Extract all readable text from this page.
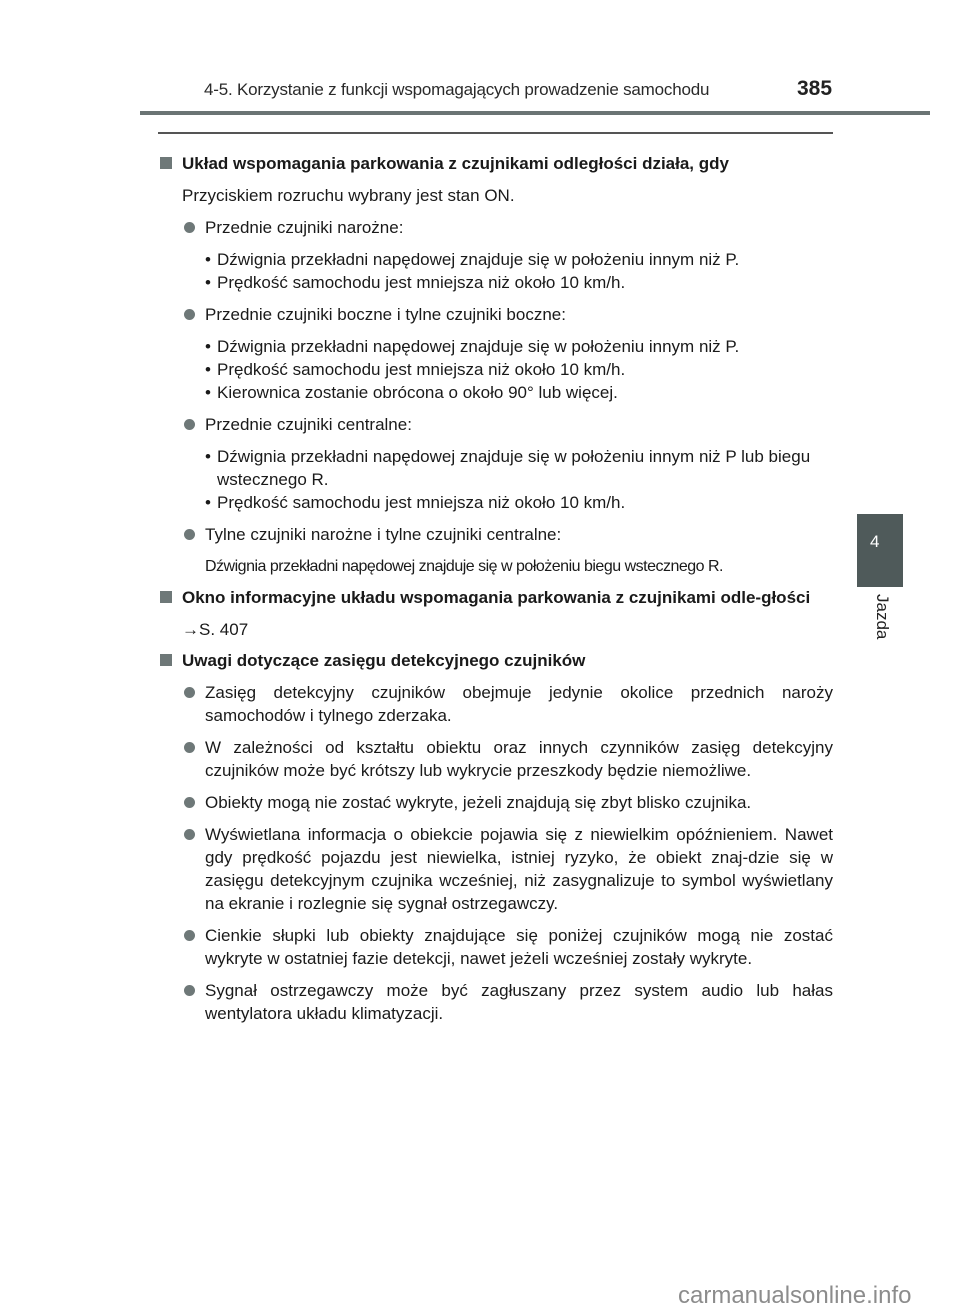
4-5. Korzystanie z funkcji wspomagających prowadzenie samochodu	385
4
Jazda
Układ wspomagania parkowania z czujnikami odległości działa, gdy
Przyciskiem rozruchu wybrany jest stan ON.
Przednie czujniki narożne:
• Dźwignia przekładni napędowej znajduje się w położeniu innym niż P.
• Prędkość samochodu jest mniejsza niż około 10 km/h.
Przednie czujniki boczne i tylne czujniki boczne:
• Dźwignia przekładni napędowej znajduje się w położeniu innym niż P.
• Prędkość samochodu jest mniejsza niż około 10 km/h.
• Kierownica zostanie obrócona o około 90° lub więcej.
Przednie czujniki centralne:
• Dźwignia przekładni napędowej znajduje się w położeniu innym niż P lub biegu wstecznego R.
• Prędkość samochodu jest mniejsza niż około 10 km/h.
Tylne czujniki narożne i tylne czujniki centralne:
Dźwignia przekładni napędowej znajduje się w położeniu biegu wstecznego R.
Okno informacyjne układu wspomagania parkowania z czujnikami odle-głości
→S. 407
Uwagi dotyczące zasięgu detekcyjnego czujników
Zasięg detekcyjny czujników obejmuje jedynie okolice przednich naroży samochodów i tylnego zderzaka.
W zależności od kształtu obiektu oraz innych czynników zasięg detekcyjny czujników może być krótszy lub wykrycie przeszkody będzie niemożliwe.
Obiekty mogą nie zostać wykryte, jeżeli znajdują się zbyt blisko czujnika.
Wyświetlana informacja o obiekcie pojawia się z niewielkim opóźnieniem. Nawet gdy prędkość pojazdu jest niewielka, istniej ryzyko, że obiekt znaj-dzie się w zasięgu detekcyjnym czujnika wcześniej, niż zasygnalizuje to symbol wyświetlany na ekranie i rozlegnie się sygnał ostrzegawczy.
Cienkie słupki lub obiekty znajdujące się poniżej czujników mogą nie zostać wykryte w ostatniej fazie detekcji, nawet jeżeli wcześniej zostały wykryte.
Sygnał ostrzegawczy może być zagłuszany przez system audio lub hałas wentylatora układu klimatyzacji.
carmanualsonline.info
